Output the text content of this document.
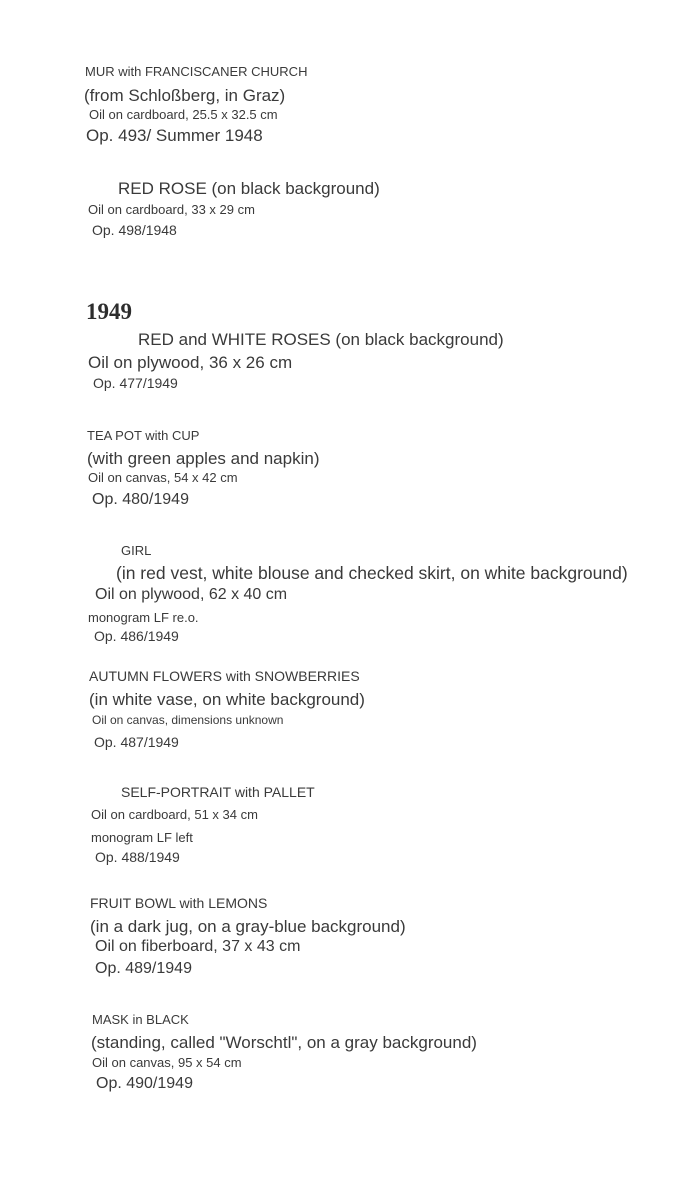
MUR with FRANCISCANER CHURCH
(from Schloßberg, in Graz)
Oil on cardboard, 25.5 x 32.5 cm
Op. 493/ Summer 1948
RED ROSE (on black background)
Oil on cardboard, 33 x 29 cm
Op. 498/1948
1949
RED and WHITE ROSES (on black background)
Oil on plywood, 36 x 26 cm
Op. 477/1949
TEA POT with CUP
(with green apples and napkin)
Oil on canvas, 54 x 42 cm
Op. 480/1949
GIRL
(in red vest, white blouse and checked skirt, on white background)
Oil on plywood, 62 x 40 cm
monogram LF re.o.
Op. 486/1949
AUTUMN FLOWERS with SNOWBERRIES
(in white vase, on white background)
Oil on canvas, dimensions unknown
Op. 487/1949
SELF-PORTRAIT with PALLET
Oil on cardboard, 51 x 34 cm
monogram LF left
Op. 488/1949
FRUIT BOWL with LEMONS
(in a dark jug, on a gray-blue background)
Oil on fiberboard, 37 x 43 cm
Op. 489/1949
MASK in BLACK
(standing, called "Worschtl", on a gray background)
Oil on canvas, 95 x 54 cm
Op. 490/1949
